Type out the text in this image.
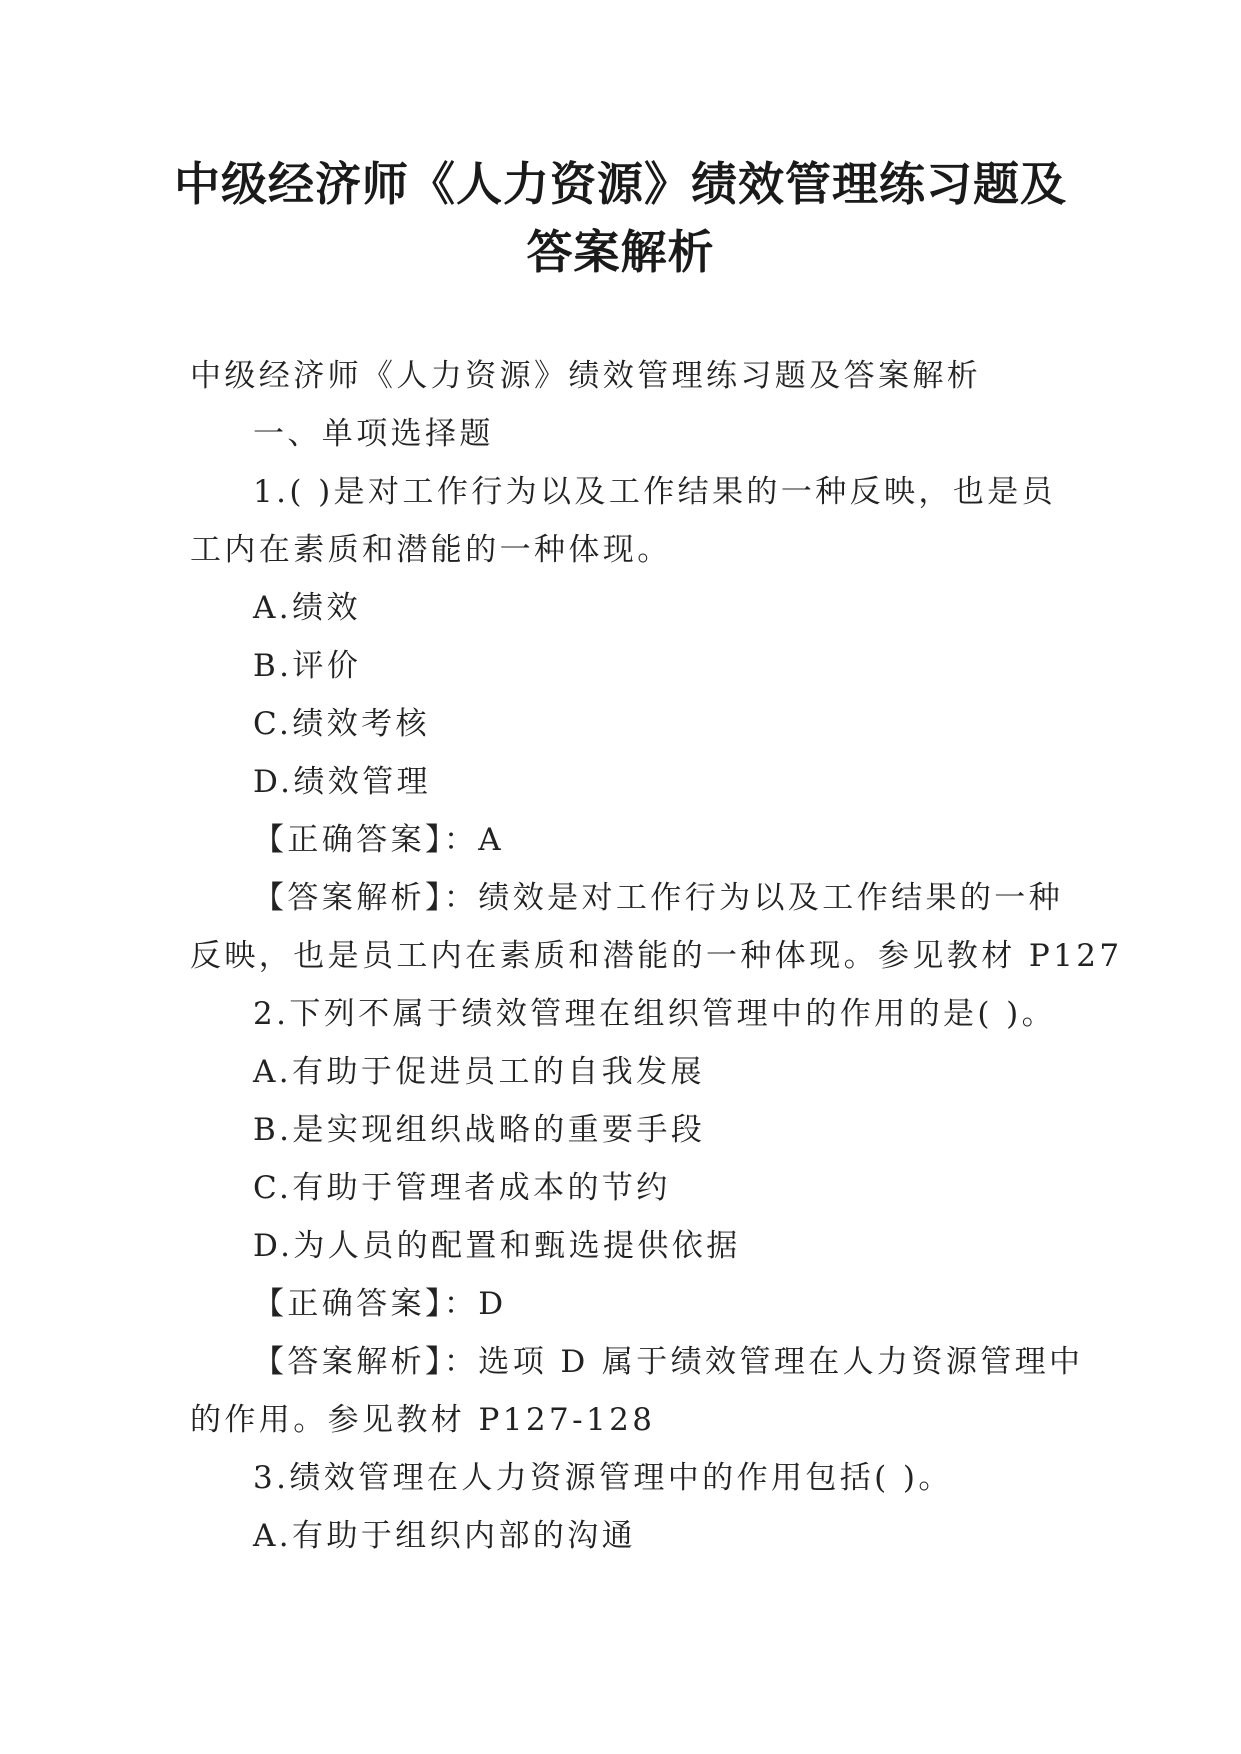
中级经济师《人力资源》绩效管理练习题及
答案解析
中级经济师《人力资源》绩效管理练习题及答案解析
一、单项选择题
1.( )是对工作行为以及工作结果的一种反映，也是员
工内在素质和潜能的一种体现。
A.绩效
B.评价
C.绩效考核
D.绩效管理
【正确答案】：A
【答案解析】：绩效是对工作行为以及工作结果的一种
反映，也是员工内在素质和潜能的一种体现。参见教材 P127
2.下列不属于绩效管理在组织管理中的作用的是( )。
A.有助于促进员工的自我发展
B.是实现组织战略的重要手段
C.有助于管理者成本的节约
D.为人员的配置和甄选提供依据
【正确答案】：D
【答案解析】：选项 D 属于绩效管理在人力资源管理中
的作用。参见教材 P127-128
3.绩效管理在人力资源管理中的作用包括( )。
A.有助于组织内部的沟通
